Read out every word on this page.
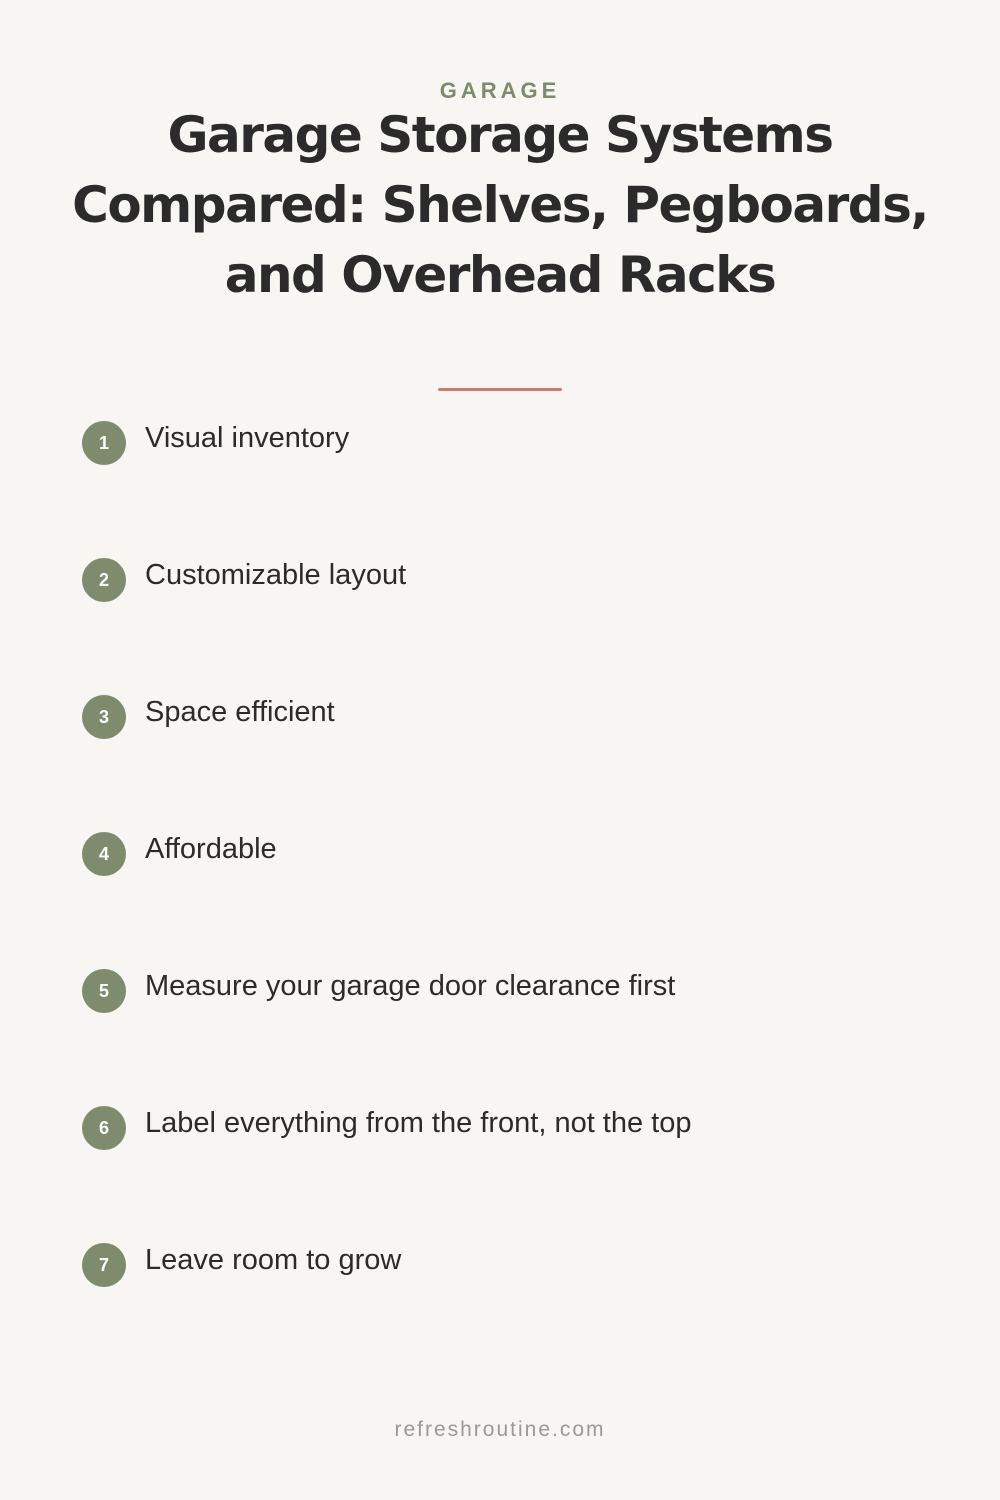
GARAGE
Garage Storage Systems Compared: Shelves, Pegboards, and Overhead Racks
1	Visual inventory
2	Customizable layout
3	Space efficient
4	Affordable
5	Measure your garage door clearance first
6	Label everything from the front, not the top
7	Leave room to grow
refreshroutine.com
